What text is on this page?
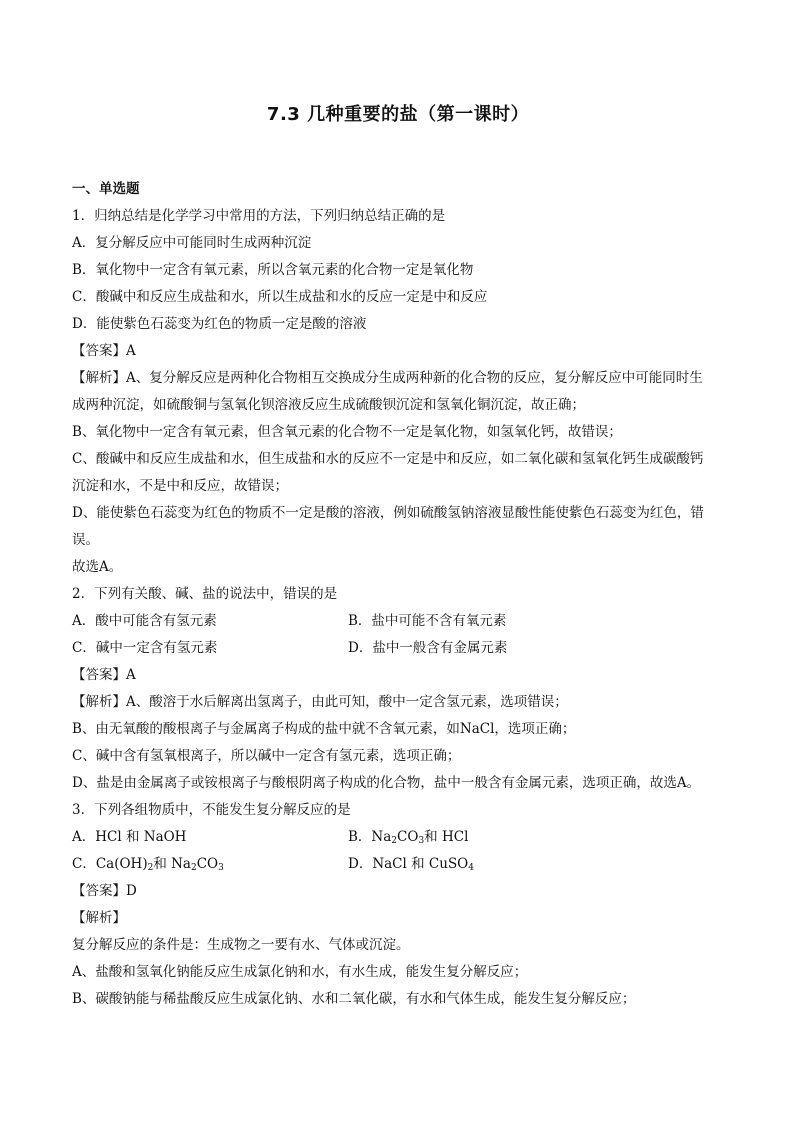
7.3 几种重要的盐（第一课时）
一、单选题
1．归纳总结是化学学习中常用的方法，下列归纳总结正确的是
A．复分解反应中可能同时生成两种沉淀
B．氧化物中一定含有氧元素，所以含氧元素的化合物一定是氧化物
C．酸碱中和反应生成盐和水，所以生成盐和水的反应一定是中和反应
D．能使紫色石蕊变为红色的物质一定是酸的溶液
【答案】A
【解析】A、复分解反应是两种化合物相互交换成分生成两种新的化合物的反应，复分解反应中可能同时生
成两种沉淀，如硫酸铜与氢氧化钡溶液反应生成硫酸钡沉淀和氢氧化铜沉淀，故正确；
B、氧化物中一定含有氧元素，但含氧元素的化合物不一定是氧化物，如氢氧化钙，故错误；
C、酸碱中和反应生成盐和水，但生成盐和水的反应不一定是中和反应，如二氧化碳和氢氧化钙生成碳酸钙
沉淀和水，不是中和反应，故错误；
D、能使紫色石蕊变为红色的物质不一定是酸的溶液，例如硫酸氢钠溶液显酸性能使紫色石蕊变为红色，错
误。
故选A。
2．下列有关酸、碱、盐的说法中，错误的是
A．酸中可能含有氢元素	B．盐中可能不含有氧元素
C．碱中一定含有氢元素	D．盐中一般含有金属元素
【答案】A
【解析】A、酸溶于水后解离出氢离子，由此可知，酸中一定含氢元素，选项错误；
B、由无氧酸的酸根离子与金属离子构成的盐中就不含氧元素，如NaCl，选项正确；
C、碱中含有氢氧根离子，所以碱中一定含有氢元素，选项正确；
D、盐是由金属离子或铵根离子与酸根阴离子构成的化合物，盐中一般含有金属元素，选项正确，故选A。
3．下列各组物质中，不能发生复分解反应的是
A．HCl 和 NaOH	B．$Na_2CO_3$和 HCl
C．$Ca(OH)_2$和 $Na_2CO_3$	D．NaCl 和 CuSO$_4$
【答案】D
【解析】
复分解反应的条件是：生成物之一要有水、气体或沉淀。
A、盐酸和氢氧化钠能反应生成氯化钠和水，有水生成，能发生复分解反应；
B、碳酸钠能与稀盐酸反应生成氯化钠、水和二氧化碳，有水和气体生成，能发生复分解反应；
